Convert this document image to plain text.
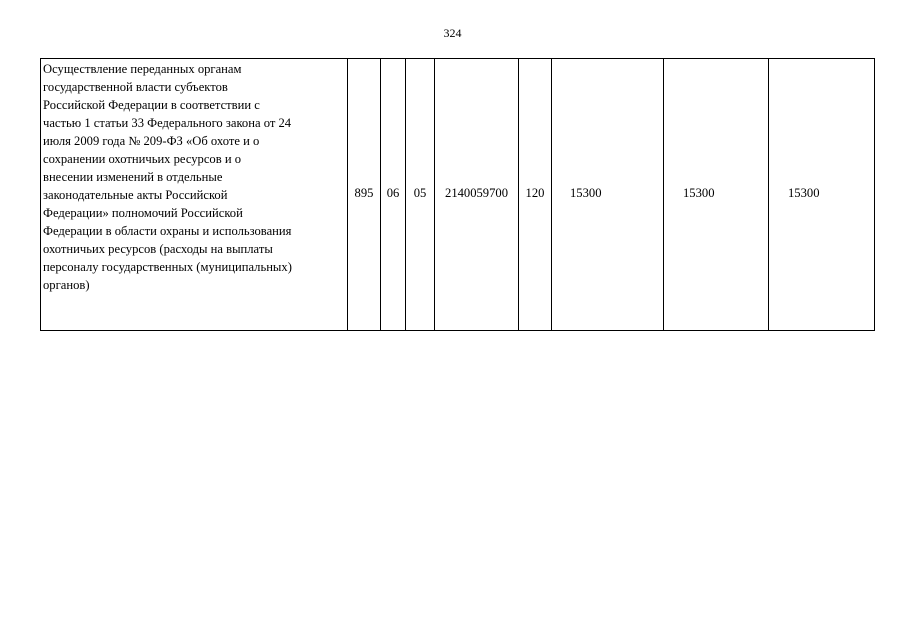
324
Осуществление переданных органам
государственной власти субъектов
Российской Федерации в соответствии с
частью 1 статьи 33 Федерального закона от 24
июля 2009 года № 209-ФЗ «Об охоте и о
сохранении охотничьих ресурсов и о
внесении изменений в отдельные
законодательные акты Российской
Федерации» полномочий Российской
Федерации в области охраны и использования
охотничьих ресурсов (расходы на выплаты
персоналу государственных (муниципальных)
органов)	895	06	05	2140059700	120	15300	15300	15300
